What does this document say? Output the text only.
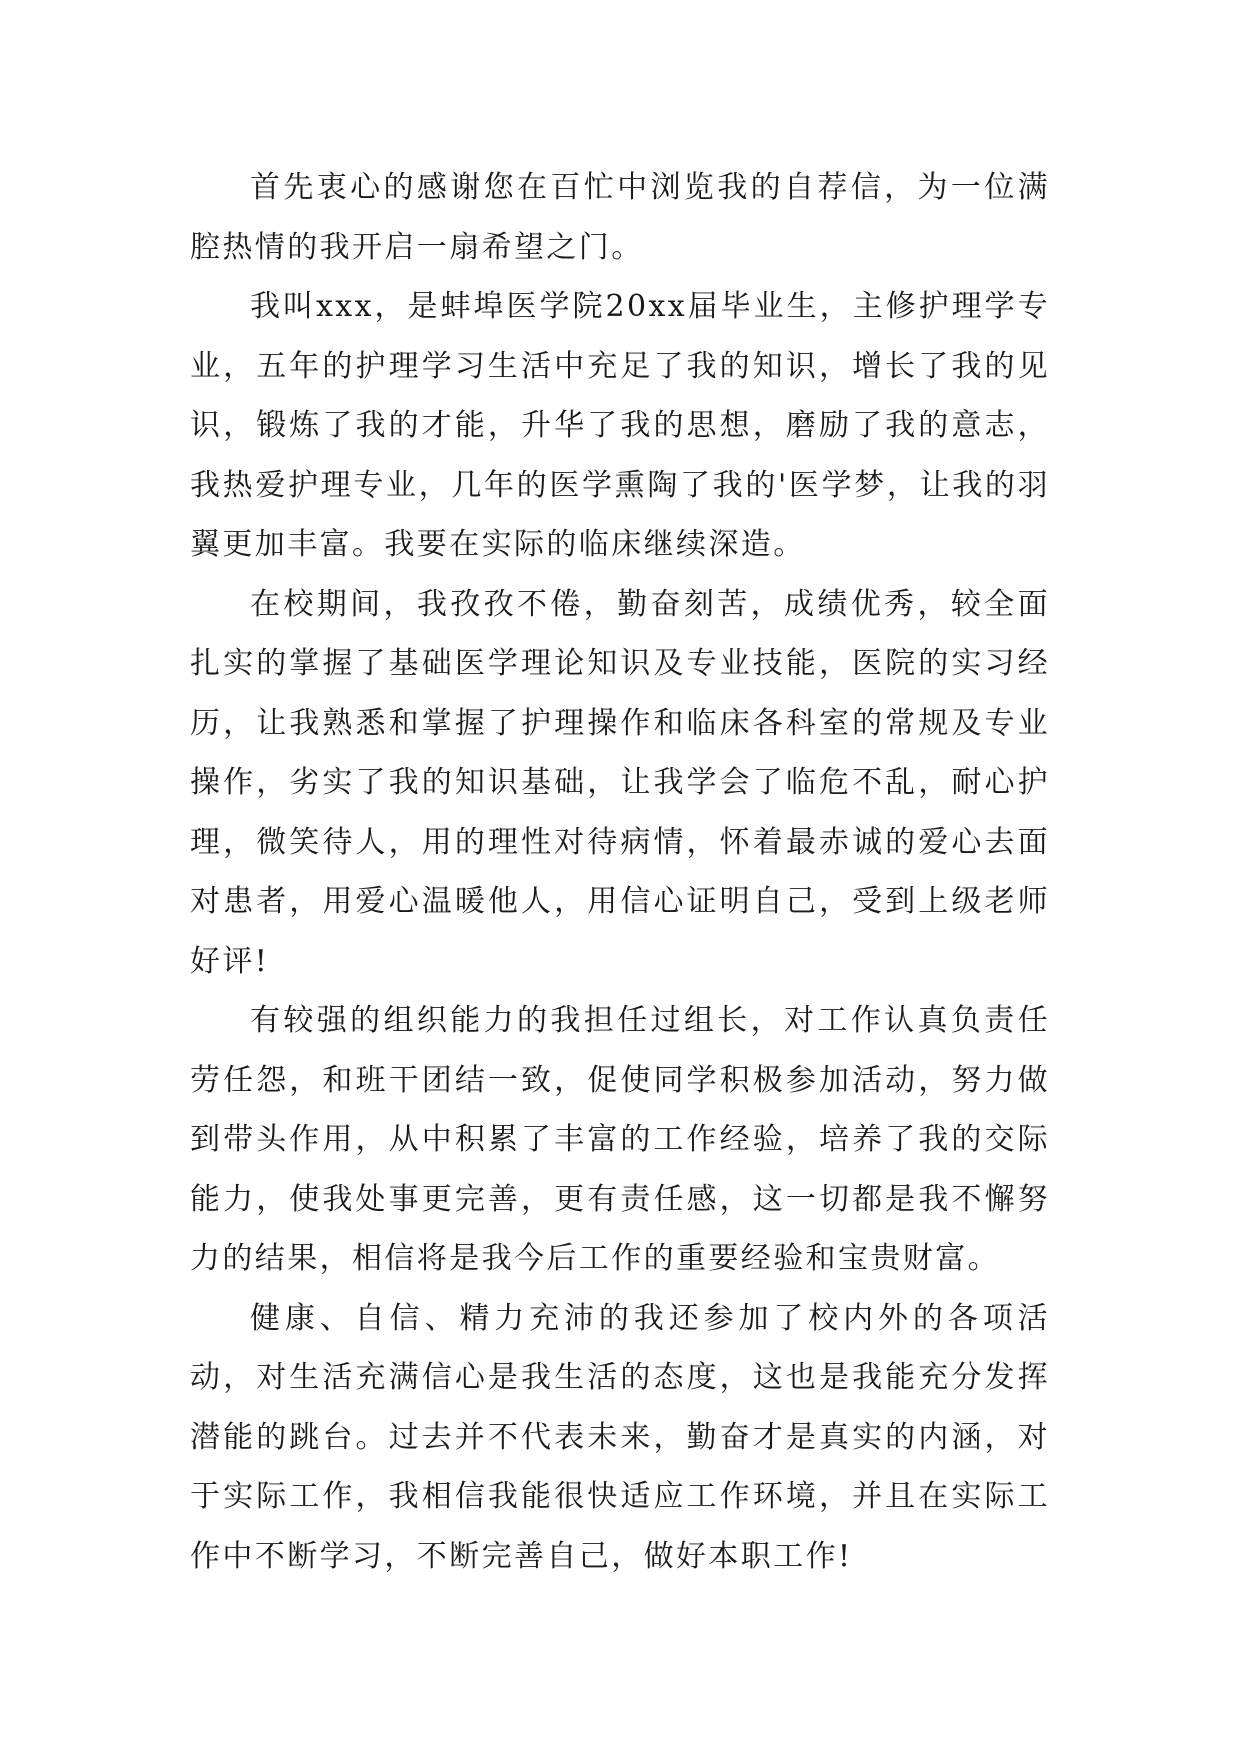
首先衷心的感谢您在百忙中浏览我的自荐信，为一位满腔热情的我开启一扇希望之门。

我叫xxx，是蚌埠医学院20xx届毕业生，主修护理学专业，五年的护理学习生活中充足了我的知识，增长了我的见识，锻炼了我的才能，升华了我的思想，磨励了我的意志，我热爱护理专业，几年的医学熏陶了我的'医学梦，让我的羽翼更加丰富。我要在实际的临床继续深造。

在校期间，我孜孜不倦，勤奋刻苦，成绩优秀，较全面扎实的掌握了基础医学理论知识及专业技能，医院的实习经历，让我熟悉和掌握了护理操作和临床各科室的常规及专业操作，劣实了我的知识基础，让我学会了临危不乱，耐心护理，微笑待人，用的理性对待病情，怀着最赤诚的爱心去面对患者，用爱心温暖他人，用信心证明自己，受到上级老师好评!

有较强的组织能力的我担任过组长，对工作认真负责任劳任怨，和班干团结一致，促使同学积极参加活动，努力做到带头作用，从中积累了丰富的工作经验，培养了我的交际能力，使我处事更完善，更有责任感，这一切都是我不懈努力的结果，相信将是我今后工作的重要经验和宝贵财富。

健康、自信、精力充沛的我还参加了校内外的各项活动，对生活充满信心是我生活的态度，这也是我能充分发挥潜能的跳台。过去并不代表未来，勤奋才是真实的内涵，对于实际工作，我相信我能很快适应工作环境，并且在实际工作中不断学习，不断完善自己，做好本职工作!
